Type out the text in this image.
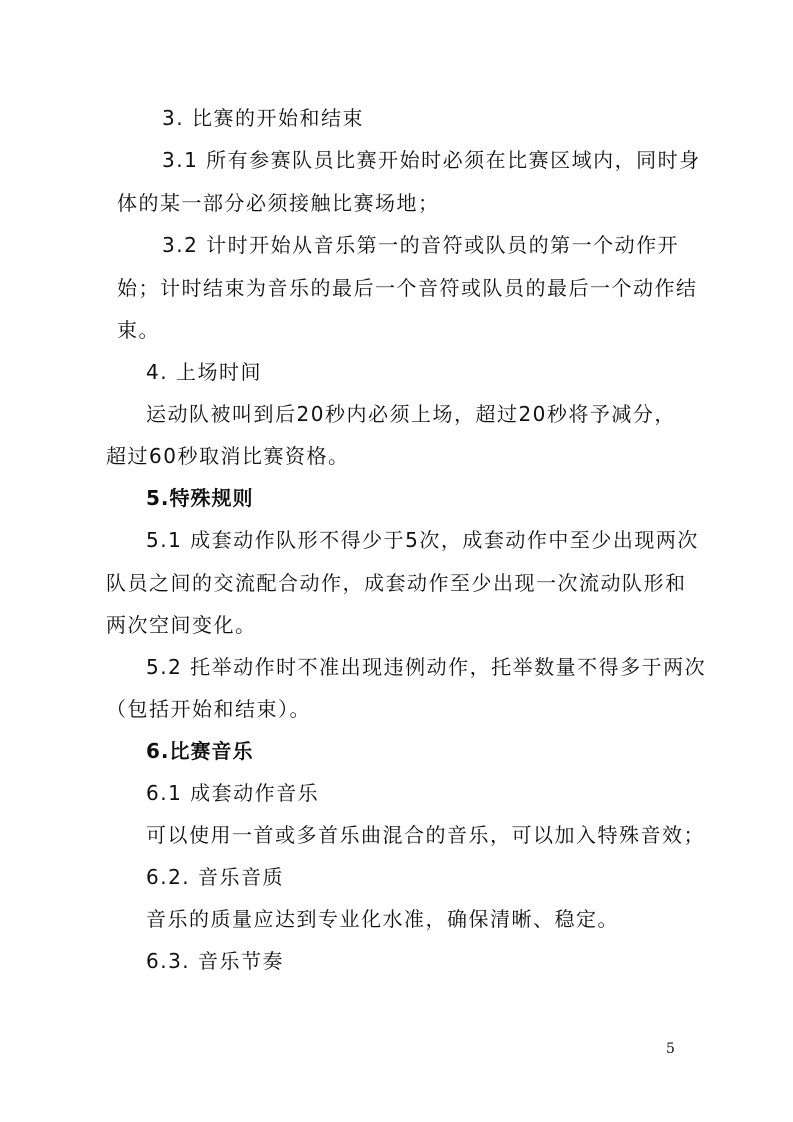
3. 比赛的开始和结束
3.1 所有参赛队员比赛开始时必须在比赛区域内，同时身
体的某一部分必须接触比赛场地；
3.2 计时开始从音乐第一的音符或队员的第一个动作开
始；计时结束为音乐的最后一个音符或队员的最后一个动作结
束。
4. 上场时间
运动队被叫到后20秒内必须上场，超过20秒将予减分，
超过60秒取消比赛资格。
5.特殊规则
5.1 成套动作队形不得少于5次，成套动作中至少出现两次
队员之间的交流配合动作，成套动作至少出现一次流动队形和
两次空间变化。
5.2 托举动作时不准出现违例动作，托举数量不得多于两次
（包括开始和结束）。
6.比赛音乐
6.1 成套动作音乐
可以使用一首或多首乐曲混合的音乐，可以加入特殊音效；
6.2. 音乐音质
音乐的质量应达到专业化水准，确保清晰、稳定。
6.3. 音乐节奏
5
